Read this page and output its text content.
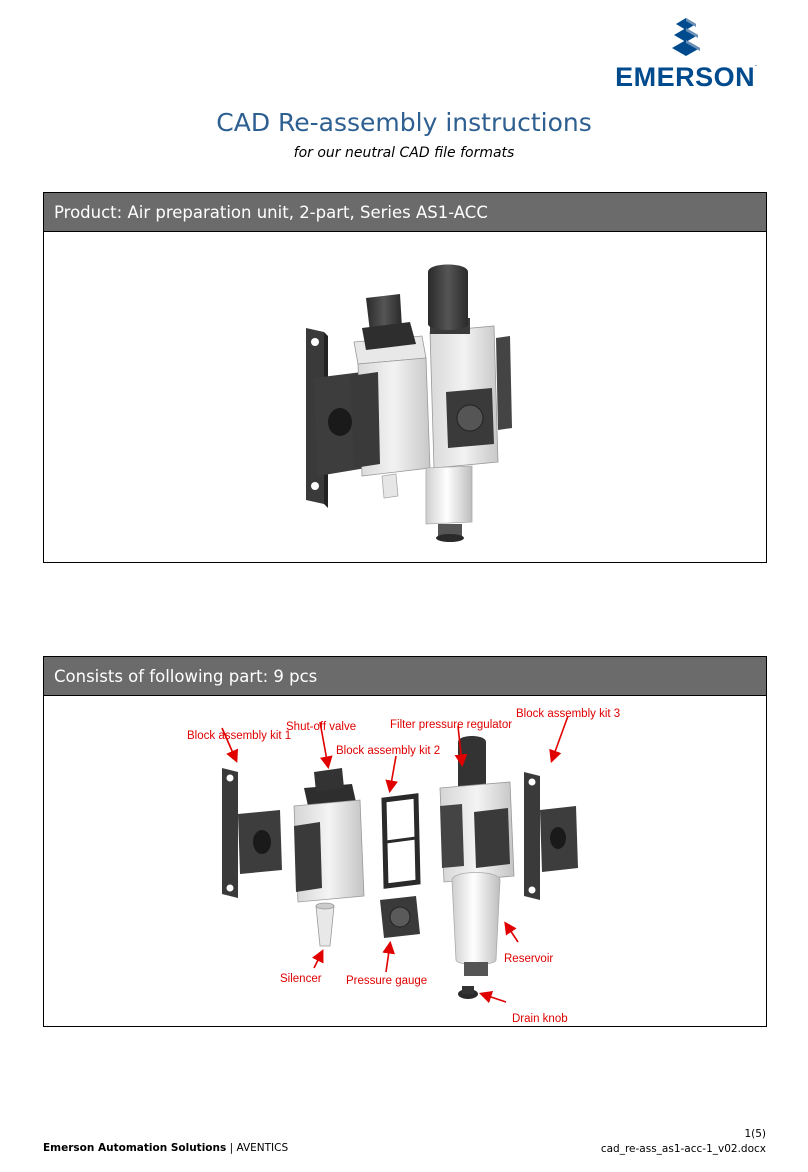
EMERSON.
CAD Re-assembly instructions
for our neutral CAD file formats
Product: Air preparation unit, 2-part, Series AS1-ACC
Consists of following part: 9 pcs
Block assembly kit 1
Shut-off valve
Block assembly kit 2
Filter pressure regulator
Block assembly kit 3
Silencer Pressure gauge
Reservoir
Drain knob
Emerson Automation Solutions | AVENTICS
1(5)
cad_re-ass_as1-acc-1_v02.docx
